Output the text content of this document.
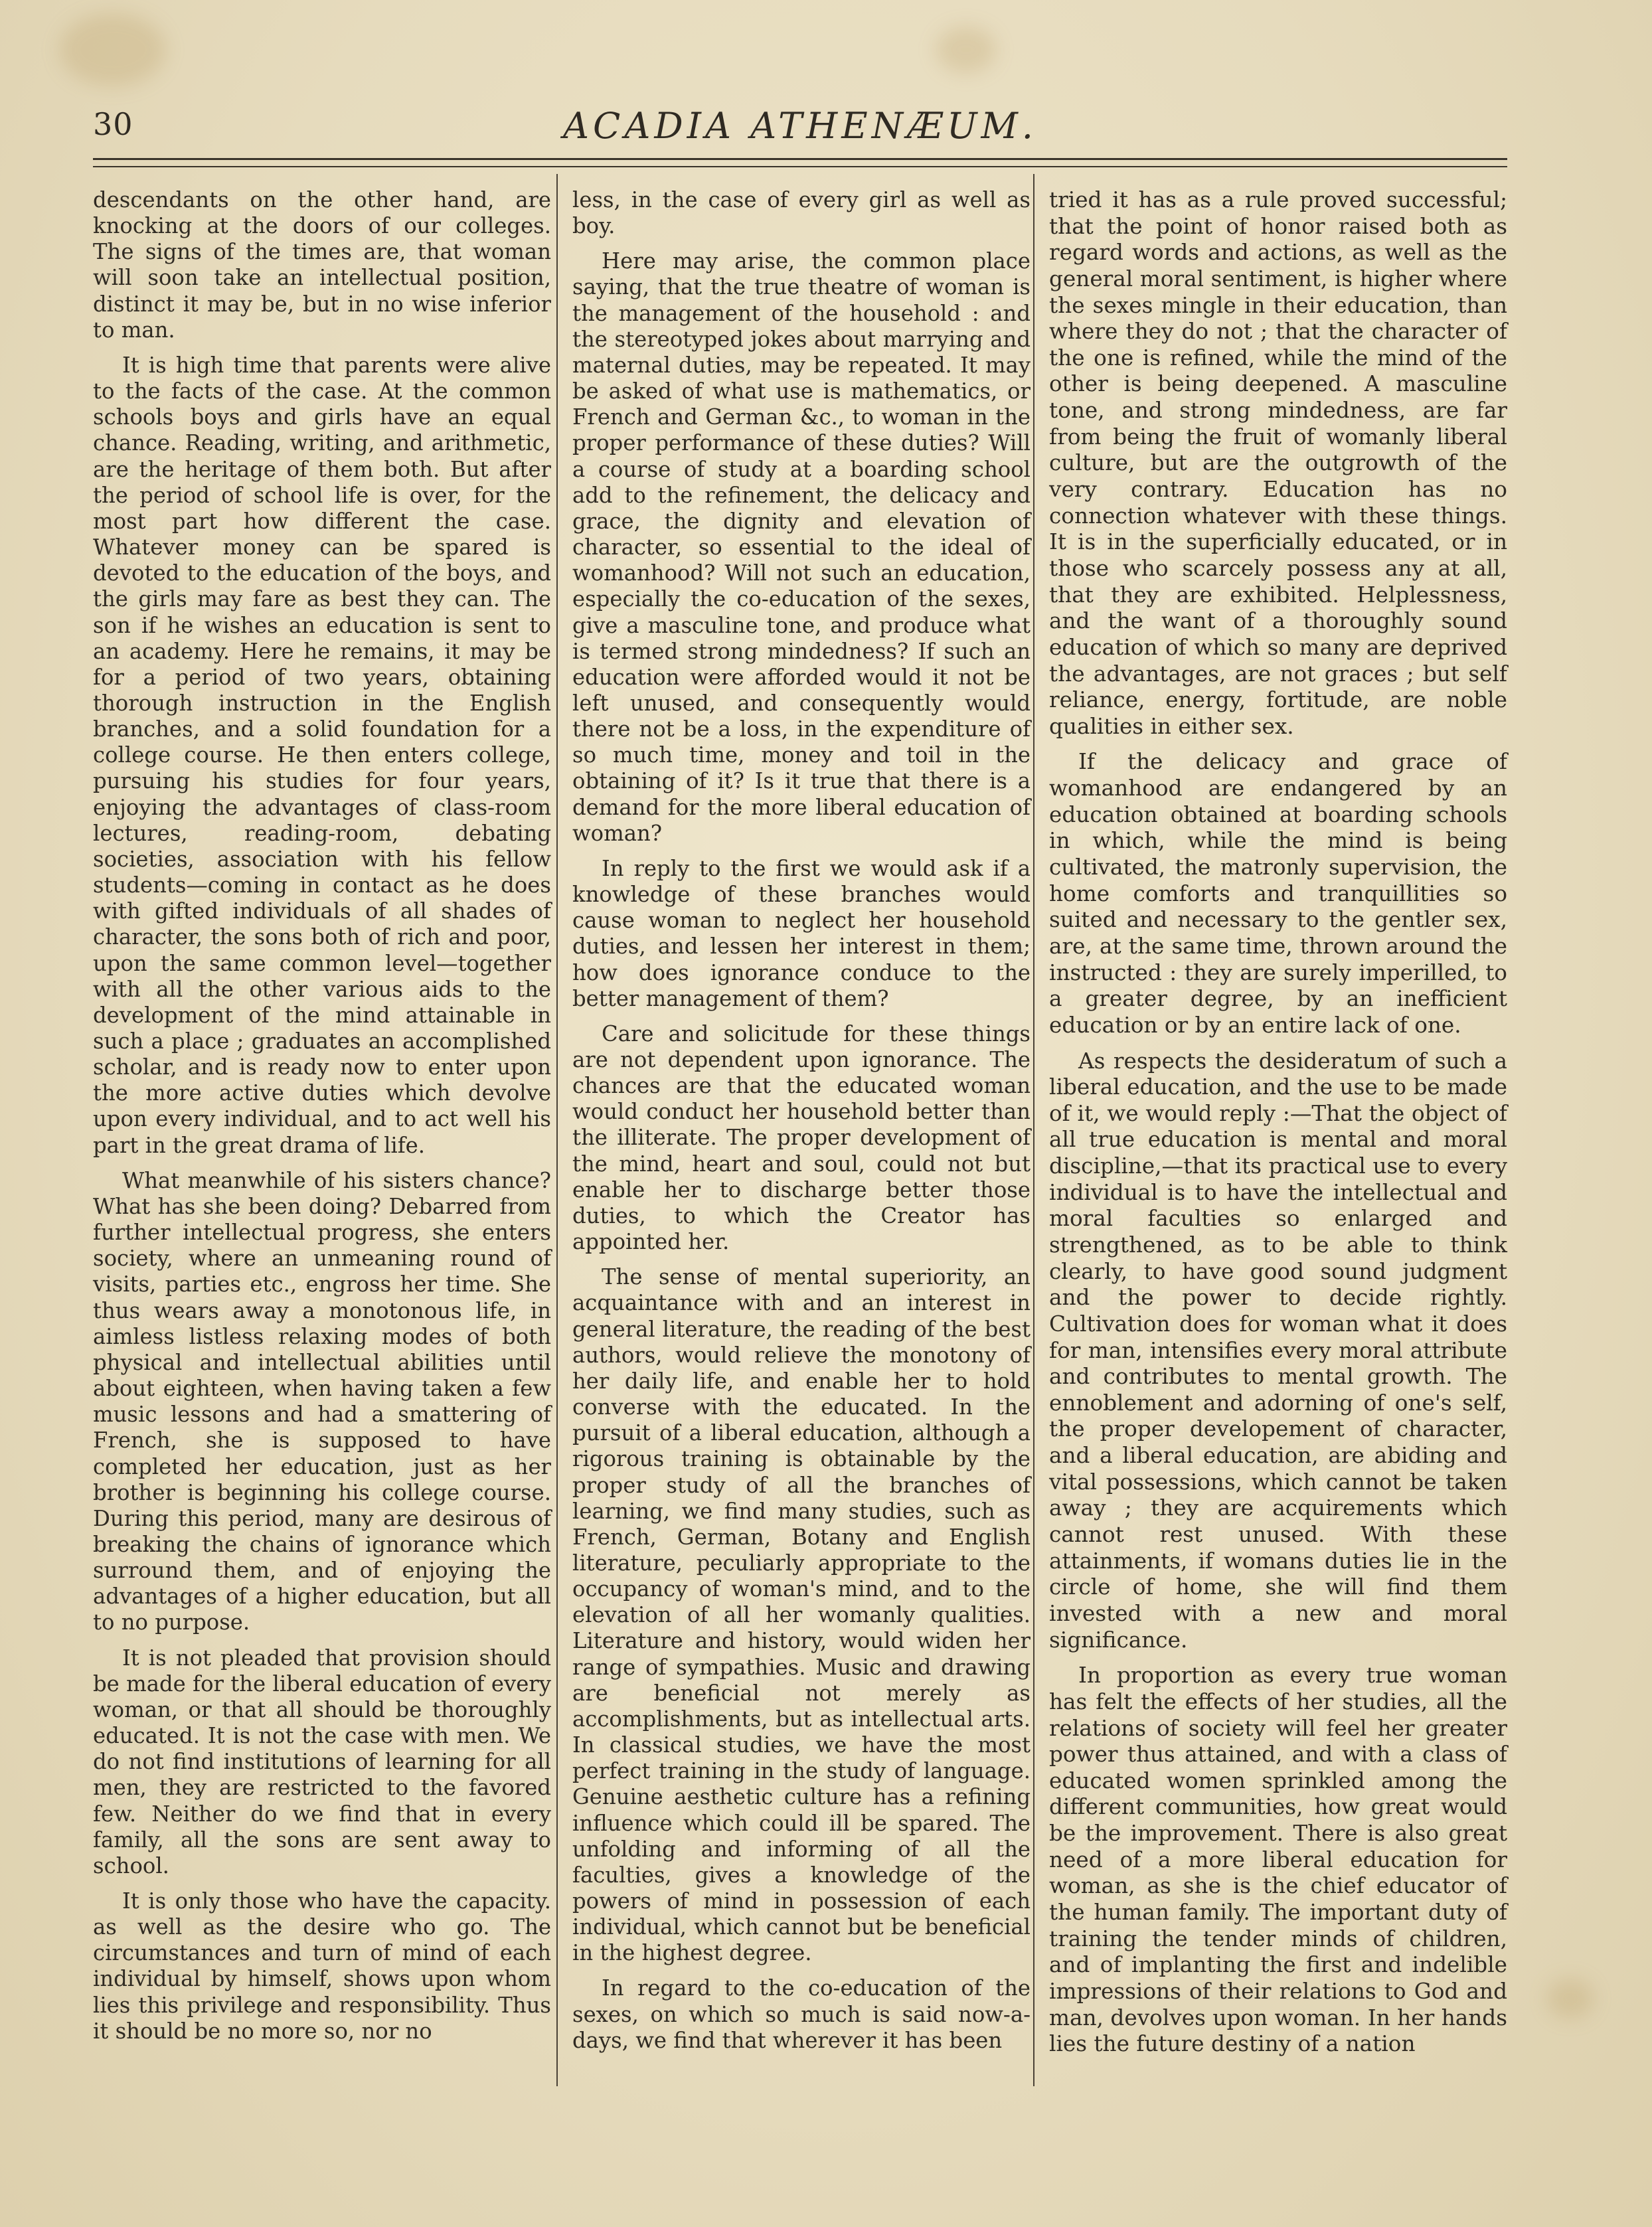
30	ACADIA ATHENÆUM.

descendants on the other hand, are knocking at the doors of our colleges. The signs of the times are, that woman will soon take an intellectual position, distinct it may be, but in no wise inferior to man.

It is high time that parents were alive to the facts of the case. At the common schools boys and girls have an equal chance. Reading, writing, and arithmetic, are the heritage of them both. But after the period of school life is over, for the most part how different the case. Whatever money can be spared is devoted to the education of the boys, and the girls may fare as best they can. The son if he wishes an education is sent to an academy. Here he remains, it may be for a period of two years, obtaining thorough instruction in the English branches, and a solid foundation for a college course. He then enters college, pursuing his studies for four years, enjoying the advantages of class-room lectures, reading-room, debating societies, association with his fellow students—coming in contact as he does with gifted individuals of all shades of character, the sons both of rich and poor, upon the same common level—together with all the other various aids to the development of the mind attainable in such a place ; graduates an accomplished scholar, and is ready now to enter upon the more active duties which devolve upon every individual, and to act well his part in the great drama of life.

What meanwhile of his sisters chance? What has she been doing? Debarred from further intellectual progress, she enters society, where an unmeaning round of visits, parties etc., engross her time. She thus wears away a monotonous life, in aimless listless relaxing modes of both physical and intellectual abilities until about eighteen, when having taken a few music lessons and had a smattering of French, she is supposed to have completed her education, just as her brother is beginning his college course. During this period, many are desirous of breaking the chains of ignorance which surround them, and of enjoying the advantages of a higher education, but all to no purpose.

It is not pleaded that provision should be made for the liberal education of every woman, or that all should be thoroughly educated. It is not the case with men. We do not find institutions of learning for all men, they are restricted to the favored few. Neither do we find that in every family, all the sons are sent away to school.

It is only those who have the capacity. as well as the desire who go. The circumstances and turn of mind of each individual by himself, shows upon whom lies this privilege and responsibility. Thus it should be no more so, nor no

less, in the case of every girl as well as boy.

Here may arise, the common place saying, that the true theatre of woman is the management of the household : and the stereotyped jokes about marrying and maternal duties, may be repeated. It may be asked of what use is mathematics, or French and German &c., to woman in the proper performance of these duties? Will a course of study at a boarding school add to the refinement, the delicacy and grace, the dignity and elevation of character, so essential to the ideal of womanhood? Will not such an education, especially the co-education of the sexes, give a masculine tone, and produce what is termed strong mindedness? If such an education were afforded would it not be left unused, and consequently would there not be a loss, in the expenditure of so much time, money and toil in the obtaining of it? Is it true that there is a demand for the more liberal education of woman?

In reply to the first we would ask if a knowledge of these branches would cause woman to neglect her household duties, and lessen her interest in them; how does ignorance conduce to the better management of them?

Care and solicitude for these things are not dependent upon ignorance. The chances are that the educated woman would conduct her household better than the illiterate. The proper development of the mind, heart and soul, could not but enable her to discharge better those duties, to which the Creator has appointed her.

The sense of mental superiority, an acquaintance with and an interest in general literature, the reading of the best authors, would relieve the monotony of her daily life, and enable her to hold converse with the educated. In the pursuit of a liberal education, although a rigorous training is obtainable by the proper study of all the branches of learning, we find many studies, such as French, German, Botany and English literature, peculiarly appropriate to the occupancy of woman's mind, and to the elevation of all her womanly qualities. Literature and history, would widen her range of sympathies. Music and drawing are beneficial not merely as accomplishments, but as intellectual arts. In classical studies, we have the most perfect training in the study of language. Genuine aesthetic culture has a refining influence which could ill be spared. The unfolding and informing of all the faculties, gives a knowledge of the powers of mind in possession of each individual, which cannot but be beneficial in the highest degree.

In regard to the co-education of the sexes, on which so much is said now-a-days, we find that wherever it has been

tried it has as a rule proved successful; that the point of honor raised both as regard words and actions, as well as the general moral sentiment, is higher where the sexes mingle in their education, than where they do not ; that the character of the one is refined, while the mind of the other is being deepened. A masculine tone, and strong mindedness, are far from being the fruit of womanly liberal culture, but are the outgrowth of the very contrary. Education has no connection whatever with these things. It is in the superficially educated, or in those who scarcely possess any at all, that they are exhibited. Helplessness, and the want of a thoroughly sound education of which so many are deprived the advantages, are not graces ; but self reliance, energy, fortitude, are noble qualities in either sex.

If the delicacy and grace of womanhood are endangered by an education obtained at boarding schools in which, while the mind is being cultivated, the matronly supervision, the home comforts and tranquillities so suited and necessary to the gentler sex, are, at the same time, thrown around the instructed : they are surely imperilled, to a greater degree, by an inefficient education or by an entire lack of one.

As respects the desideratum of such a liberal education, and the use to be made of it, we would reply :—That the object of all true education is mental and moral discipline,—that its practical use to every individual is to have the intellectual and moral faculties so enlarged and strengthened, as to be able to think clearly, to have good sound judgment and the power to decide rightly. Cultivation does for woman what it does for man, intensifies every moral attribute and contributes to mental growth. The ennoblement and adorning of one's self, the proper developement of character, and a liberal education, are abiding and vital possessions, which cannot be taken away ; they are acquirements which cannot rest unused. With these attainments, if womans duties lie in the circle of home, she will find them invested with a new and moral significance.

In proportion as every true woman has felt the effects of her studies, all the relations of society will feel her greater power thus attained, and with a class of educated women sprinkled among the different communities, how great would be the improvement. There is also great need of a more liberal education for woman, as she is the chief educator of the human family. The important duty of training the tender minds of children, and of implanting the first and indelible impressions of their relations to God and man, devolves upon woman. In her hands lies the future destiny of a nation
